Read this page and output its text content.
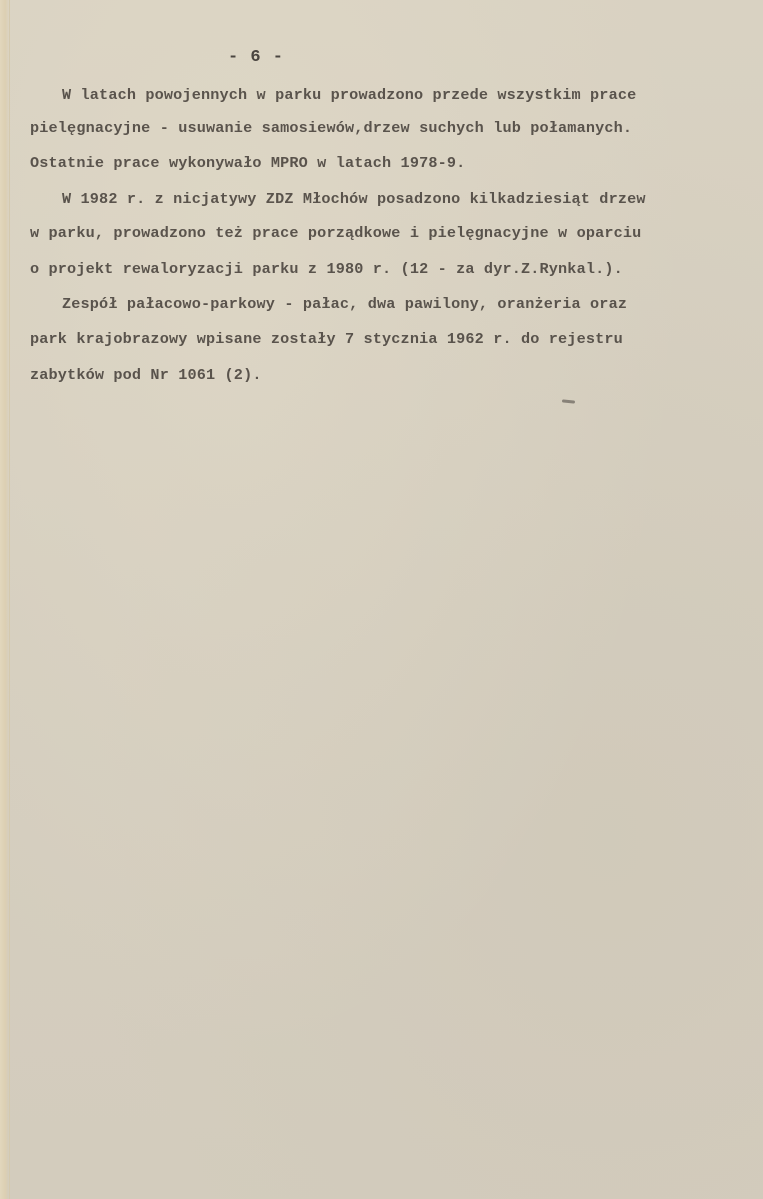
- 6 -
W latach powojennych w parku prowadzono przede wszystkim prace
pielęgnacyjne - usuwanie samosiewów,drzew suchych lub połamanych.
Ostatnie prace wykonywało MPRO w latach 1978-9.
W 1982 r. z nicjatywy ZDZ Młochów posadzono kilkadziesiąt drzew
w parku, prowadzono też prace porządkowe i pielęgnacyjne w oparciu
o projekt rewaloryzacji parku z 1980 r. (12 - za dyr.Z.Rynkal.).
Zespół pałacowo-parkowy - pałac, dwa pawilony, oranżeria oraz
park krajobrazowy wpisane zostały 7 stycznia 1962 r. do rejestru
zabytków pod Nr 1061 (2).
